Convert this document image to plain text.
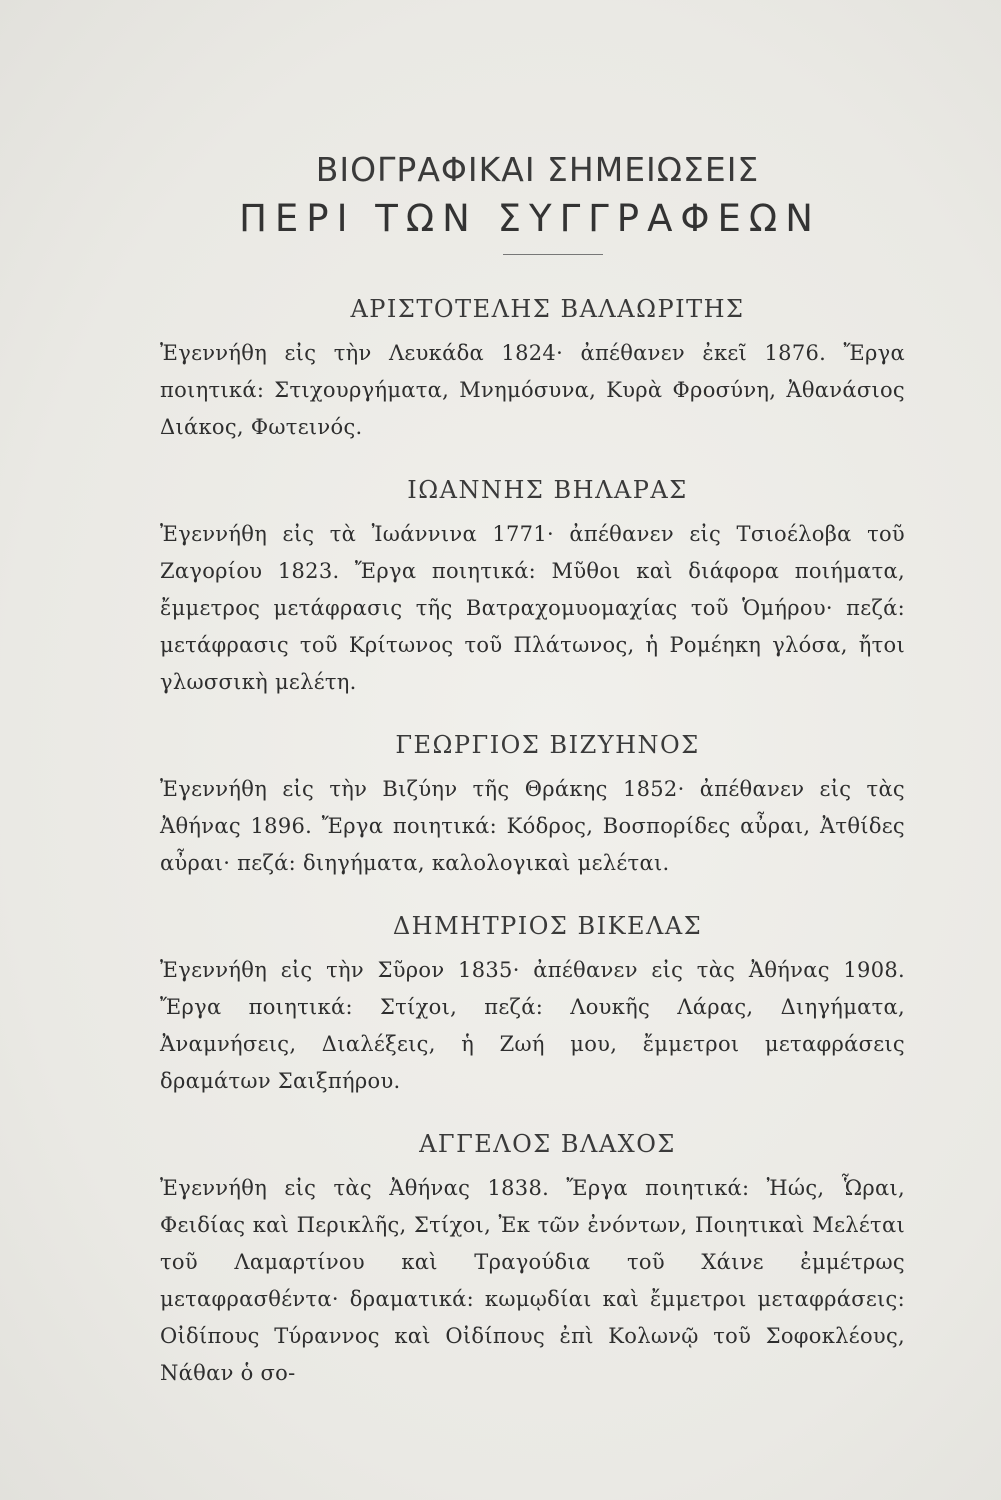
ΒΙΟΓΡΑΦΙΚΑΙ ΣΗΜΕΙΩΣΕΙΣ
ΠΕΡΙ ΤΩΝ ΣΥΓΓΡΑΦΕΩΝ
ΑΡΙΣΤΟΤΕΛΗΣ ΒΑΛΑΩΡΙΤΗΣ

Ἐγεννήθη εἰς τὴν Λευκάδα 1824· ἀπέθανεν ἐκεῖ 1876. Ἔργα ποιητικά: Στιχουργήματα, Μνημόσυνα, Κυρὰ Φροσύνη, Ἀθανάσιος Διάκος, Φωτεινός.

ΙΩΑΝΝΗΣ ΒΗΛΑΡΑΣ

Ἐγεννήθη εἰς τὰ Ἰωάννινα 1771· ἀπέθανεν εἰς Τσιοέλοβα τοῦ Ζαγορίου 1823. Ἔργα ποιητικά: Μῦθοι καὶ διάφορα ποιήματα, ἔμμετρος μετάφρασις τῆς Βατραχομυομαχίας τοῦ Ὁμήρου· πεζά: μετάφρασις τοῦ Κρίτωνος τοῦ Πλάτωνος, ἡ Ρομέηκη γλόσα, ἤτοι γλωσσικὴ μελέτη.

ΓΕΩΡΓΙΟΣ ΒΙΖΥΗΝΟΣ

Ἐγεννήθη εἰς τὴν Βιζύην τῆς Θράκης 1852· ἀπέθανεν εἰς τὰς Ἀθήνας 1896. Ἔργα ποιητικά: Κόδρος, Βοσπορίδες αὖραι, Ἀτθίδες αὖραι· πεζά: διηγήματα, καλολογικαὶ μελέται.

ΔΗΜΗΤΡΙΟΣ ΒΙΚΕΛΑΣ

Ἐγεννήθη εἰς τὴν Σῦρον 1835· ἀπέθανεν εἰς τὰς Ἀθήνας 1908. Ἔργα ποιητικά: Στίχοι, πεζά: Λουκῆς Λάρας, Διηγήματα, Ἀναμνήσεις, Διαλέξεις, ἡ Ζωή μου, ἔμμετροι μεταφράσεις δραμάτων Σαιξπήρου.

ΑΓΓΕΛΟΣ ΒΛΑΧΟΣ

Ἐγεννήθη εἰς τὰς Ἀθήνας 1838. Ἔργα ποιητικά: Ἠώς, Ὧραι, Φειδίας καὶ Περικλῆς, Στίχοι, Ἐκ τῶν ἐνόντων, Ποιητικαὶ Μελέται τοῦ Λαμαρτίνου καὶ Τραγούδια τοῦ Χάινε ἐμμέτρως μεταφρασθέντα· δραματικά: κωμῳδίαι καὶ ἔμμετροι μεταφράσεις: Οἰδίπους Τύραννος καὶ Οἰδίπους ἐπὶ Κολωνῷ τοῦ Σοφοκλέους, Νάθαν ὁ σο-
